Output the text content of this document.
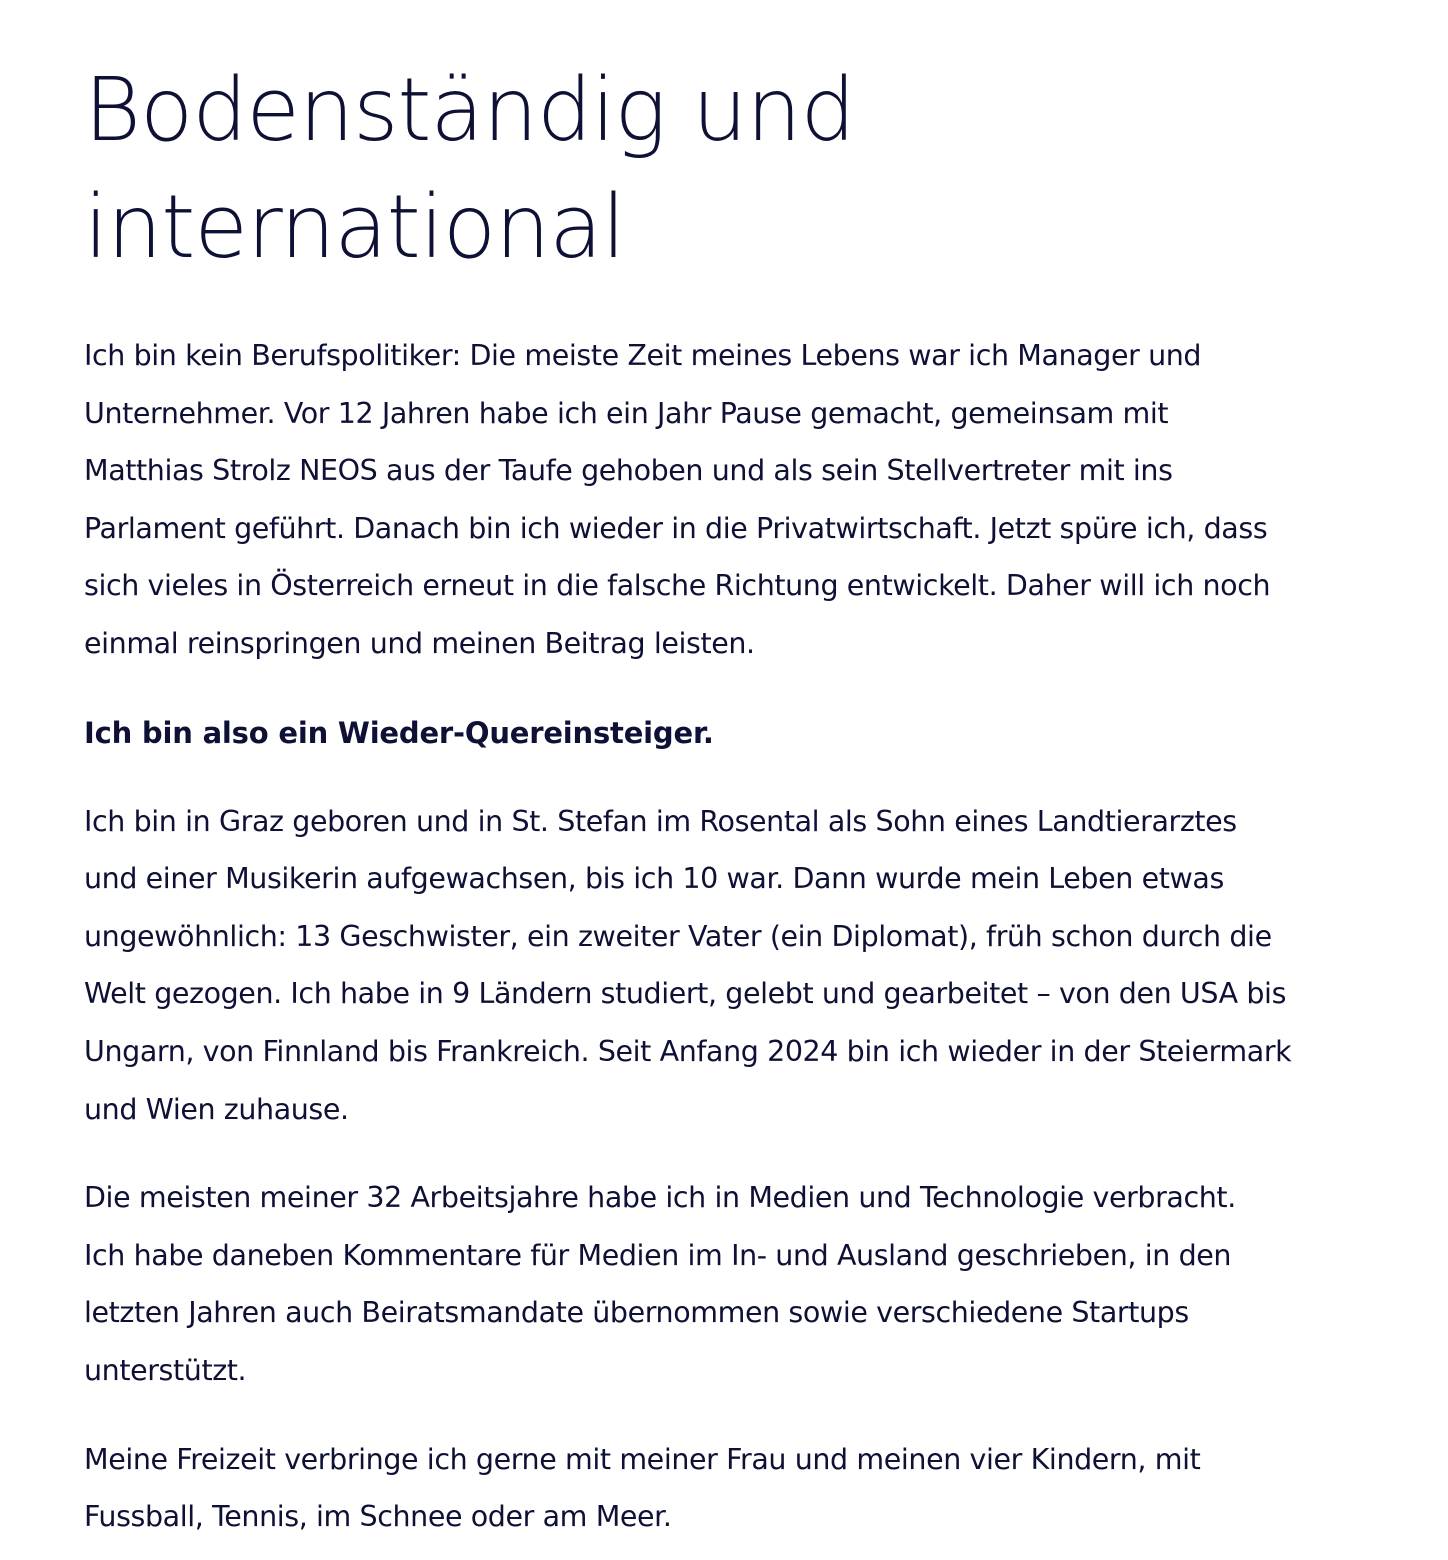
Bodenständig und
international

Ich bin kein Berufspolitiker: Die meiste Zeit meines Lebens war ich Manager und
Unternehmer. Vor 12 Jahren habe ich ein Jahr Pause gemacht, gemeinsam mit
Matthias Strolz NEOS aus der Taufe gehoben und als sein Stellvertreter mit ins
Parlament geführt. Danach bin ich wieder in die Privatwirtschaft. Jetzt spüre ich, dass
sich vieles in Österreich erneut in die falsche Richtung entwickelt. Daher will ich noch
einmal reinspringen und meinen Beitrag leisten.

Ich bin also ein Wieder-Quereinsteiger.

Ich bin in Graz geboren und in St. Stefan im Rosental als Sohn eines Landtierarztes
und einer Musikerin aufgewachsen, bis ich 10 war. Dann wurde mein Leben etwas
ungewöhnlich: 13 Geschwister, ein zweiter Vater (ein Diplomat), früh schon durch die
Welt gezogen. Ich habe in 9 Ländern studiert, gelebt und gearbeitet – von den USA bis
Ungarn, von Finnland bis Frankreich. Seit Anfang 2024 bin ich wieder in der Steiermark
und Wien zuhause.

Die meisten meiner 32 Arbeitsjahre habe ich in Medien und Technologie verbracht.
Ich habe daneben Kommentare für Medien im In- und Ausland geschrieben, in den
letzten Jahren auch Beiratsmandate übernommen sowie verschiedene Startups
unterstützt.

Meine Freizeit verbringe ich gerne mit meiner Frau und meinen vier Kindern, mit
Fussball, Tennis, im Schnee oder am Meer.
